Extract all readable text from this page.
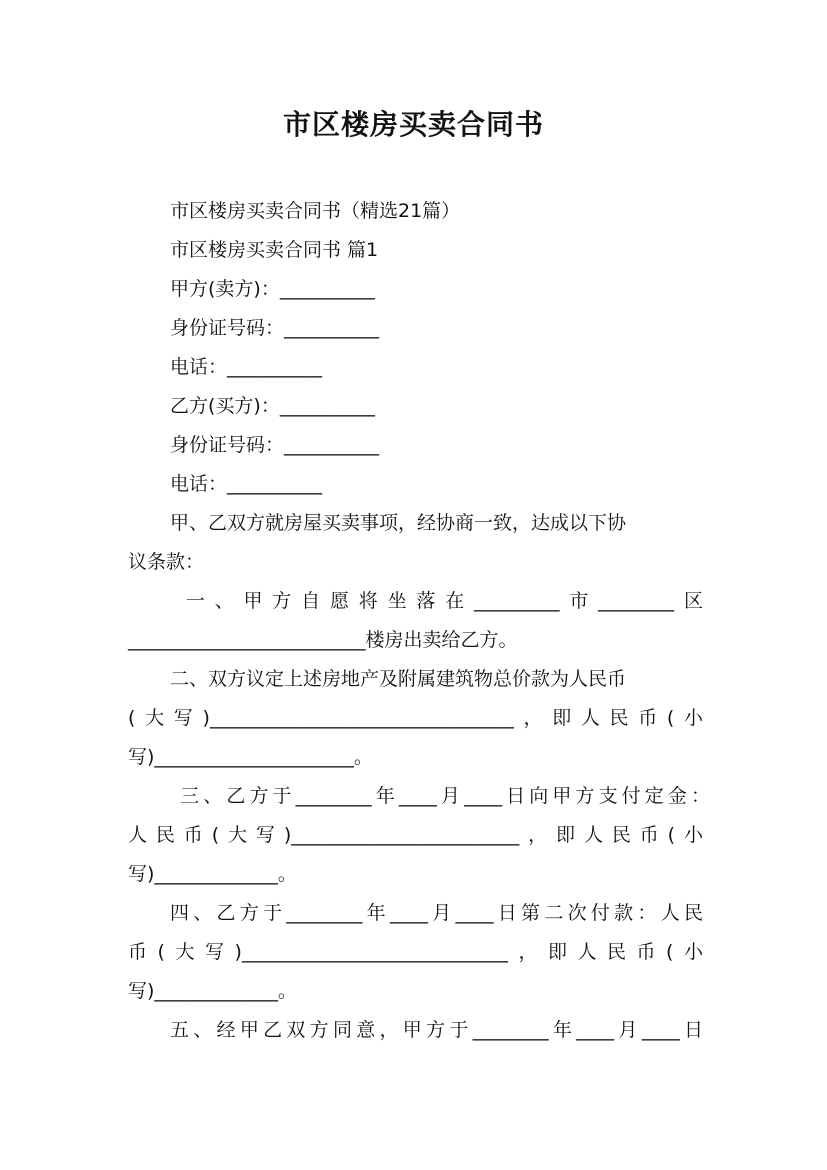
市区楼房买卖合同书
市区楼房买卖合同书（精选21篇）
市区楼房买卖合同书 篇1
甲方(卖方)：__________
身份证号码：__________
电话：__________
乙方(买方)：__________
身份证号码：__________
电话：__________
甲、乙双方就房屋买卖事项，经协商一致，达成以下协
议条款：
一、甲方自愿将坐落在_________市________区
_________________________楼房出卖给乙方。
二、双方议定上述房地产及附属建筑物总价款为人民币
(大写)________________________________，即人民币(小
写)_____________________。
三、乙方于________年____月____日向甲方支付定金：
人民币(大写)________________________，即人民币(小
写)_____________。
四、乙方于________年____月____日第二次付款：人民
币(大写)____________________________，即人民币(小
写)_____________。
五、经甲乙双方同意，甲方于________年____月____日
